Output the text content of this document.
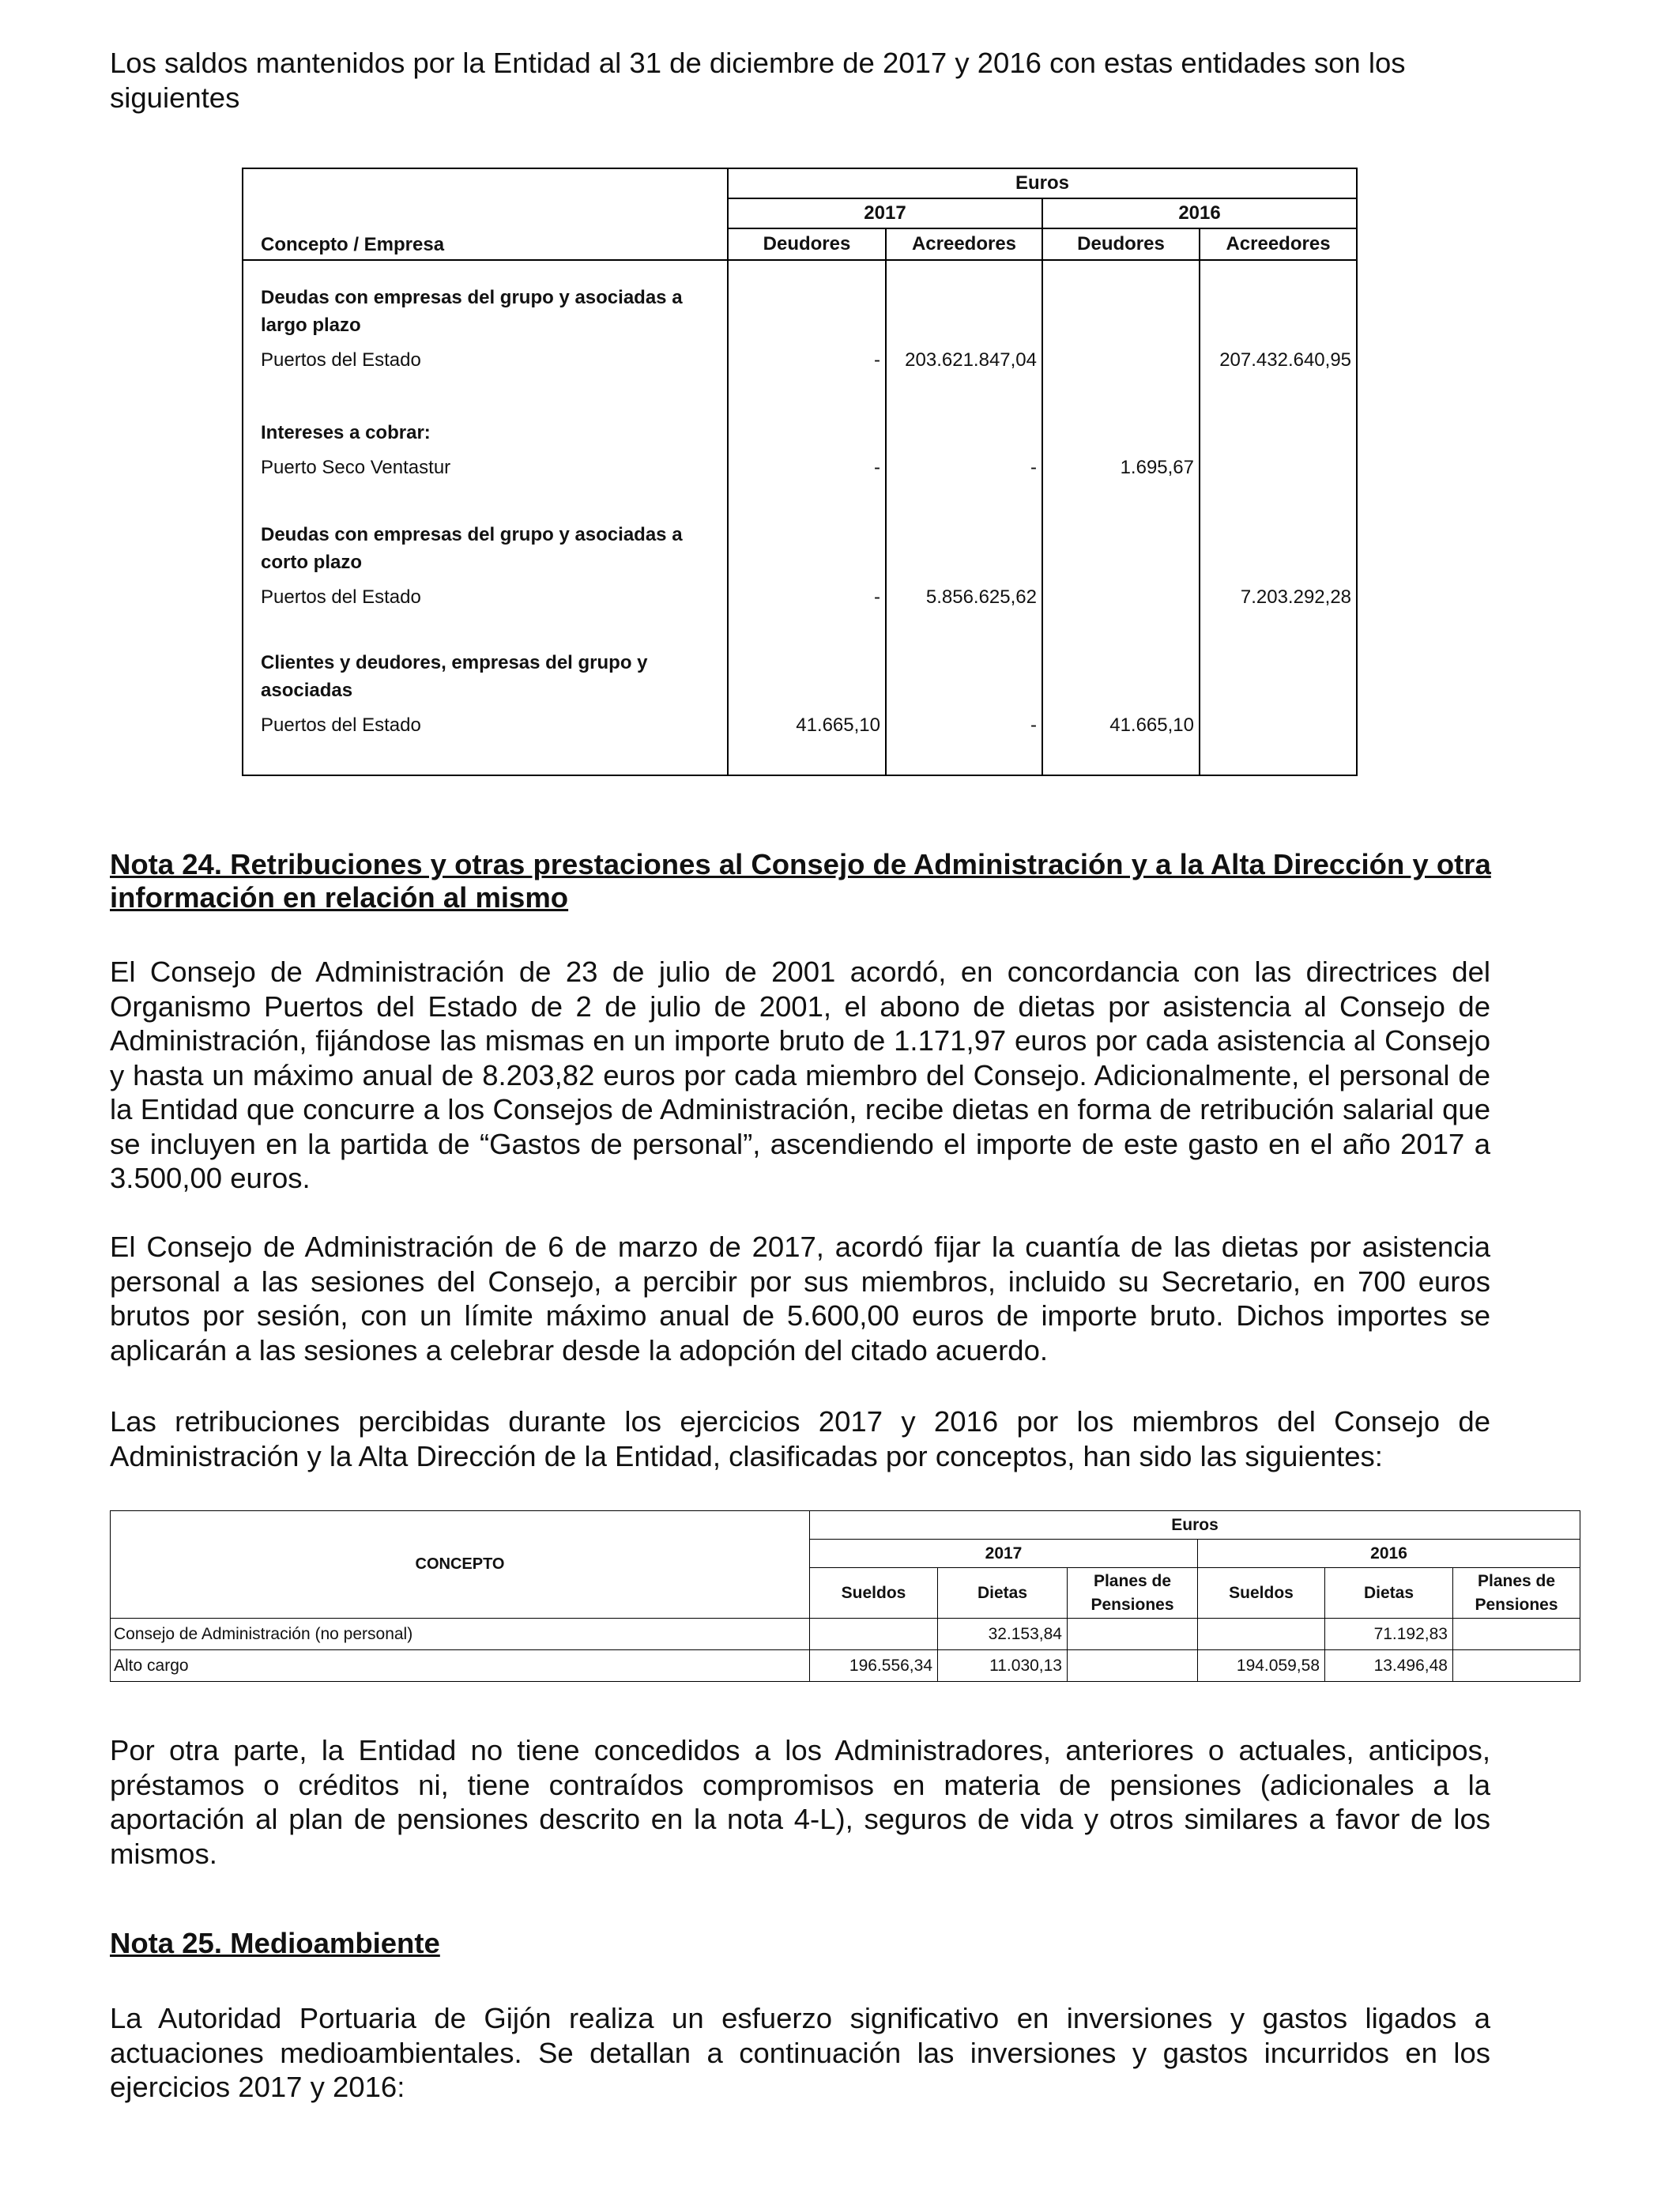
Los saldos mantenidos por la Entidad al 31 de diciembre de 2017 y 2016 con estas entidades son los siguientes

Concepto / Empresa	Euros			
	2017		2016	
	Deudores	Acreedores	Deudores	Acreedores
Deudas con empresas del grupo y asociadas a largo plazo				
Puertos del Estado	-	203.621.847,04		207.432.640,95
Intereses a cobrar:				
Puerto Seco Ventastur	-	-	1.695,67	
Deudas con empresas del grupo y asociadas a corto plazo				
Puertos del Estado	-	5.856.625,62		7.203.292,28
Clientes y deudores, empresas del grupo y asociadas				
Puertos del Estado	41.665,10	-	41.665,10	

Nota 24. Retribuciones y otras prestaciones al Consejo de Administración y a la Alta Dirección y otra información en relación al mismo

El Consejo de Administración de 23 de julio de 2001 acordó, en concordancia con las directrices del Organismo Puertos del Estado de 2 de julio de 2001, el abono de dietas por asistencia al Consejo de Administración, fijándose las mismas en un importe bruto de 1.171,97 euros por cada asistencia al Consejo y hasta un máximo anual de 8.203,82 euros por cada miembro del Consejo. Adicionalmente, el personal de la Entidad que concurre a los Consejos de Administración, recibe dietas en forma de retribución salarial que se incluyen en la partida de “Gastos de personal”, ascendiendo el importe de este gasto en el año 2017 a 3.500,00 euros.

El Consejo de Administración de 6 de marzo de 2017, acordó fijar la cuantía de las dietas por asistencia personal a las sesiones del Consejo, a percibir por sus miembros, incluido su Secretario, en 700 euros brutos por sesión, con un límite máximo anual de 5.600,00 euros de importe bruto. Dichos importes se aplicarán a las sesiones a celebrar desde la adopción del citado acuerdo.

Las retribuciones percibidas durante los ejercicios 2017 y 2016 por los miembros del Consejo de Administración y la Alta Dirección de la Entidad, clasificadas por conceptos, han sido las siguientes:

CONCEPTO	Euros					
	2017			2016		
	Sueldos	Dietas	Planes de Pensiones	Sueldos	Dietas	Planes de Pensiones
Consejo de Administración (no personal)		32.153,84			71.192,83	
Alto cargo	196.556,34	11.030,13		194.059,58	13.496,48	

Por otra parte, la Entidad no tiene concedidos a los Administradores, anteriores o actuales, anticipos, préstamos o créditos ni, tiene contraídos compromisos en materia de pensiones (adicionales a la aportación al plan de pensiones descrito en la nota 4-L), seguros de vida y otros similares a favor de los mismos.

Nota 25. Medioambiente

La Autoridad Portuaria de Gijón realiza un esfuerzo significativo en inversiones y gastos ligados a actuaciones medioambientales. Se detallan a continuación las inversiones y gastos incurridos en los ejercicios 2017 y 2016:
